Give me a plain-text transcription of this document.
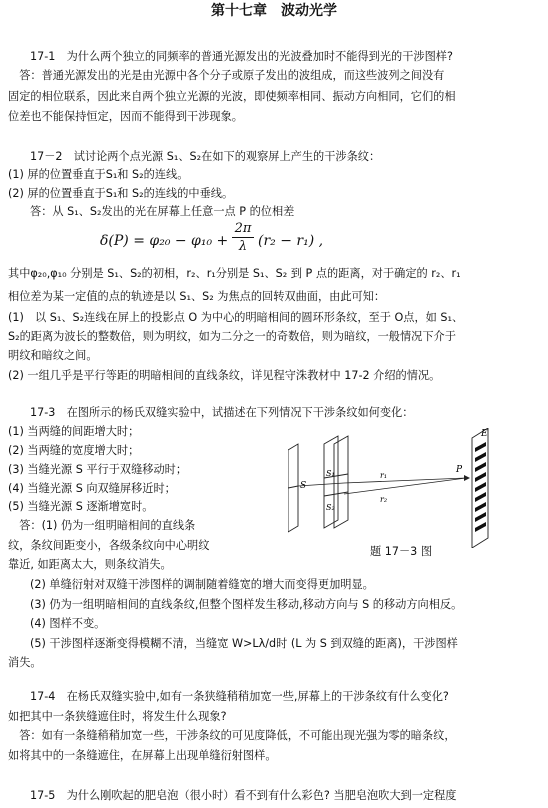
第十七章　波动光学
17-1　为什么两个独立的同频率的普通光源发出的光波叠加时不能得到光的干涉图样?
　答：普通光源发出的光是由光源中各个分子或原子发出的波组成，而这些波列之间没有
固定的相位联系，因此来自两个独立光源的光波，即使频率相同、振动方向相同，它们的相
位差也不能保持恒定，因而不能得到干涉现象。
17－2　试讨论两个点光源 S₁、S₂在如下的观察屏上产生的干涉条纹：
(1) 屏的位置垂直于S₁和 S₂的连线。
(2) 屏的位置垂直于S₁和 S₂的连线的中垂线。
答：从 S₁、S₂发出的光在屏幕上任意一点 P 的位相差
δ(P) = φ₂₀ − φ₁₀ +
2π
λ (r₂ − r₁) ,
其中φ₂₀,φ₁₀ 分别是 S₁、S₂的初相，r₂、r₁分别是 S₁、S₂ 到 P 点的距离，对于确定的 r₂、r₁
相位差为某一定值的点的轨迹是以 S₁、S₂ 为焦点的回转双曲面，由此可知：
(1)　以 S₁、S₂连线在屏上的投影点 O 为中心的明暗相间的圆环形条纹，至于 O点，如 S₁、
S₂的距离为波长的整数倍，则为明纹，如为二分之一的奇数倍，则为暗纹，一般情况下介于
明纹和暗纹之间。
(2) 一组几乎是平行等距的明暗相间的直线条纹，详见程守洙教材中 17-2 介绍的情况。
17-3　在图所示的杨氏双缝实验中，试描述在下列情况下干涉条纹如何变化：
(1) 当两缝的间距增大时；
(2) 当两缝的宽度增大时；
(3) 当缝光源 S 平行于双缝移动时；
(4) 当缝光源 S 向双缝屏移近时；
(5) 当缝光源 S 逐渐增宽时。
　答：(1) 仍为一组明暗相间的直线条
纹，条纹间距变小，各级条纹向中心明纹
靠近, 如距离太大，则条纹消失。
S
S₁
S₂
r₁
r₂
P
E
题 17－3 图
(2) 单缝衍射对双缝干涉图样的调制随着缝宽的增大而变得更加明显。
(3) 仍为一组明暗相间的直线条纹,但整个图样发生移动,移动方向与 S 的移动方向相反。
(4) 图样不变。
(5) 干涉图样逐渐变得模糊不清，当缝宽 W>Lλ/d时 (L 为 S 到双缝的距离)，干涉图样
消失。
17-4　在杨氏双缝实验中,如有一条狭缝稍稍加宽一些,屏幕上的干涉条纹有什么变化?
如把其中一条狭缝遮住时，将发生什么现象?
　答：如有一条缝稍稍加宽一些，干涉条纹的可见度降低，不可能出现光强为零的暗条纹，
如将其中的一条缝遮住，在屏幕上出现单缝衍射图样。
17-5　为什么刚吹起的肥皂泡（很小时）看不到有什么彩色? 当肥皂泡吹大到一定程度
